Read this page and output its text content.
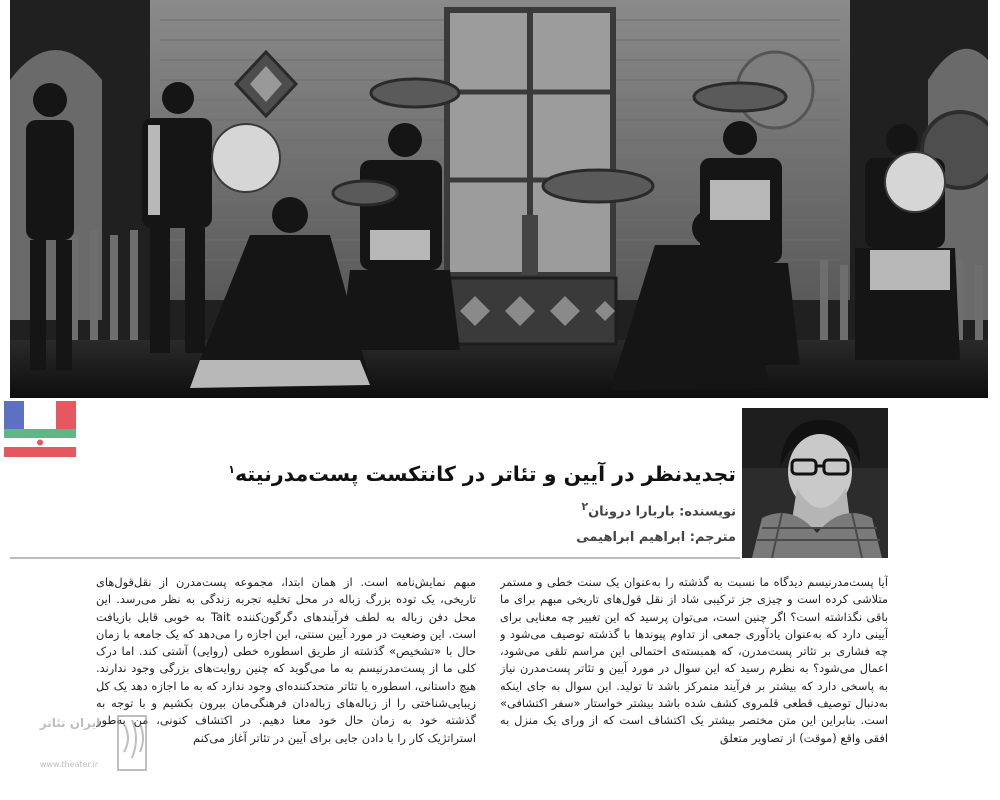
تجدیدنظر در آیین و تئاتر در کانتکست پست‌مدرنیته$^۱$
نویسنده: باربارا درونان$^۲$
مترجم: ابراهیم ابراهیمی

آیا پست‌مدرنیسم دیدگاه ما نسبت به گذشته را به‌عنوان یک سنت خطی و مستمر متلاشی کرده است و چیزی جز ترکیبی شاد از نقل قول‌های تاریخی مبهم برای ما باقی نگذاشته است؟ اگر چنین است، می‌توان پرسید که این تغییر چه معنایی برای آیینی دارد که به‌عنوان یادآوری جمعی از تداوم پیوندها با گذشته توصیف می‌شود و چه فشاری بر تئاتر پست‌مدرن، که همبسته‌ی احتمالی این مراسم تلقی می‌شود، اعمال می‌شود؟ به نظرم رسید که این سوال در مورد آیین و تئاتر پست‌مدرن نیاز به پاسخی دارد که بیشتر بر فرآیند متمرکز باشد تا تولید. این سوال به جای اینکه به‌دنبال توصیف قطعی قلمروی کشف شده باشد بیشتر خواستار «سفر اکتشافی» است. بنابراین این متن مختصر بیشتر یک اکتشاف است که از ورای یک منزل به افقی واقع (موقت) از تصاویر متعلق

مبهم نمایش‌نامه است. از همان ابتدا، مجموعه پست‌مدرن از نقل‌قول‌های تاریخی، یک توده بزرگ زباله در محل تخلیه تجربه زندگی به نظر می‌رسد. این محل دفن زباله به لطف فرآیندهای دگرگون‌کننده Tait به خوبی قابل بازیافت است. این وضعیت در مورد آیین سنتی، این اجازه را می‌دهد که یک جامعه با زمان حال با «تشخیص» گذشته از طریق اسطوره خطی (روایی) آشتی کند. اما درک کلی ما از پست‌مدرنیسم به ما می‌گوید که چنین روایت‌های بزرگی وجود ندارند. هیچ داستانی، اسطوره یا تئاتر متحدکننده‌ای وجود ندارد که به ما اجازه دهد یک کل زیبایی‌شناختی را از زباله‌های زباله‌دان فرهنگی‌مان بیرون بکشیم و با توجه به گذشته خود به زمان حال خود معنا دهیم. در اکتشاف کنونی، من به‌طور استراتژیک کار را با دادن جایی برای آیین در تئاتر آغاز می‌کنم

ایران تئاتر
www.theater.ir
